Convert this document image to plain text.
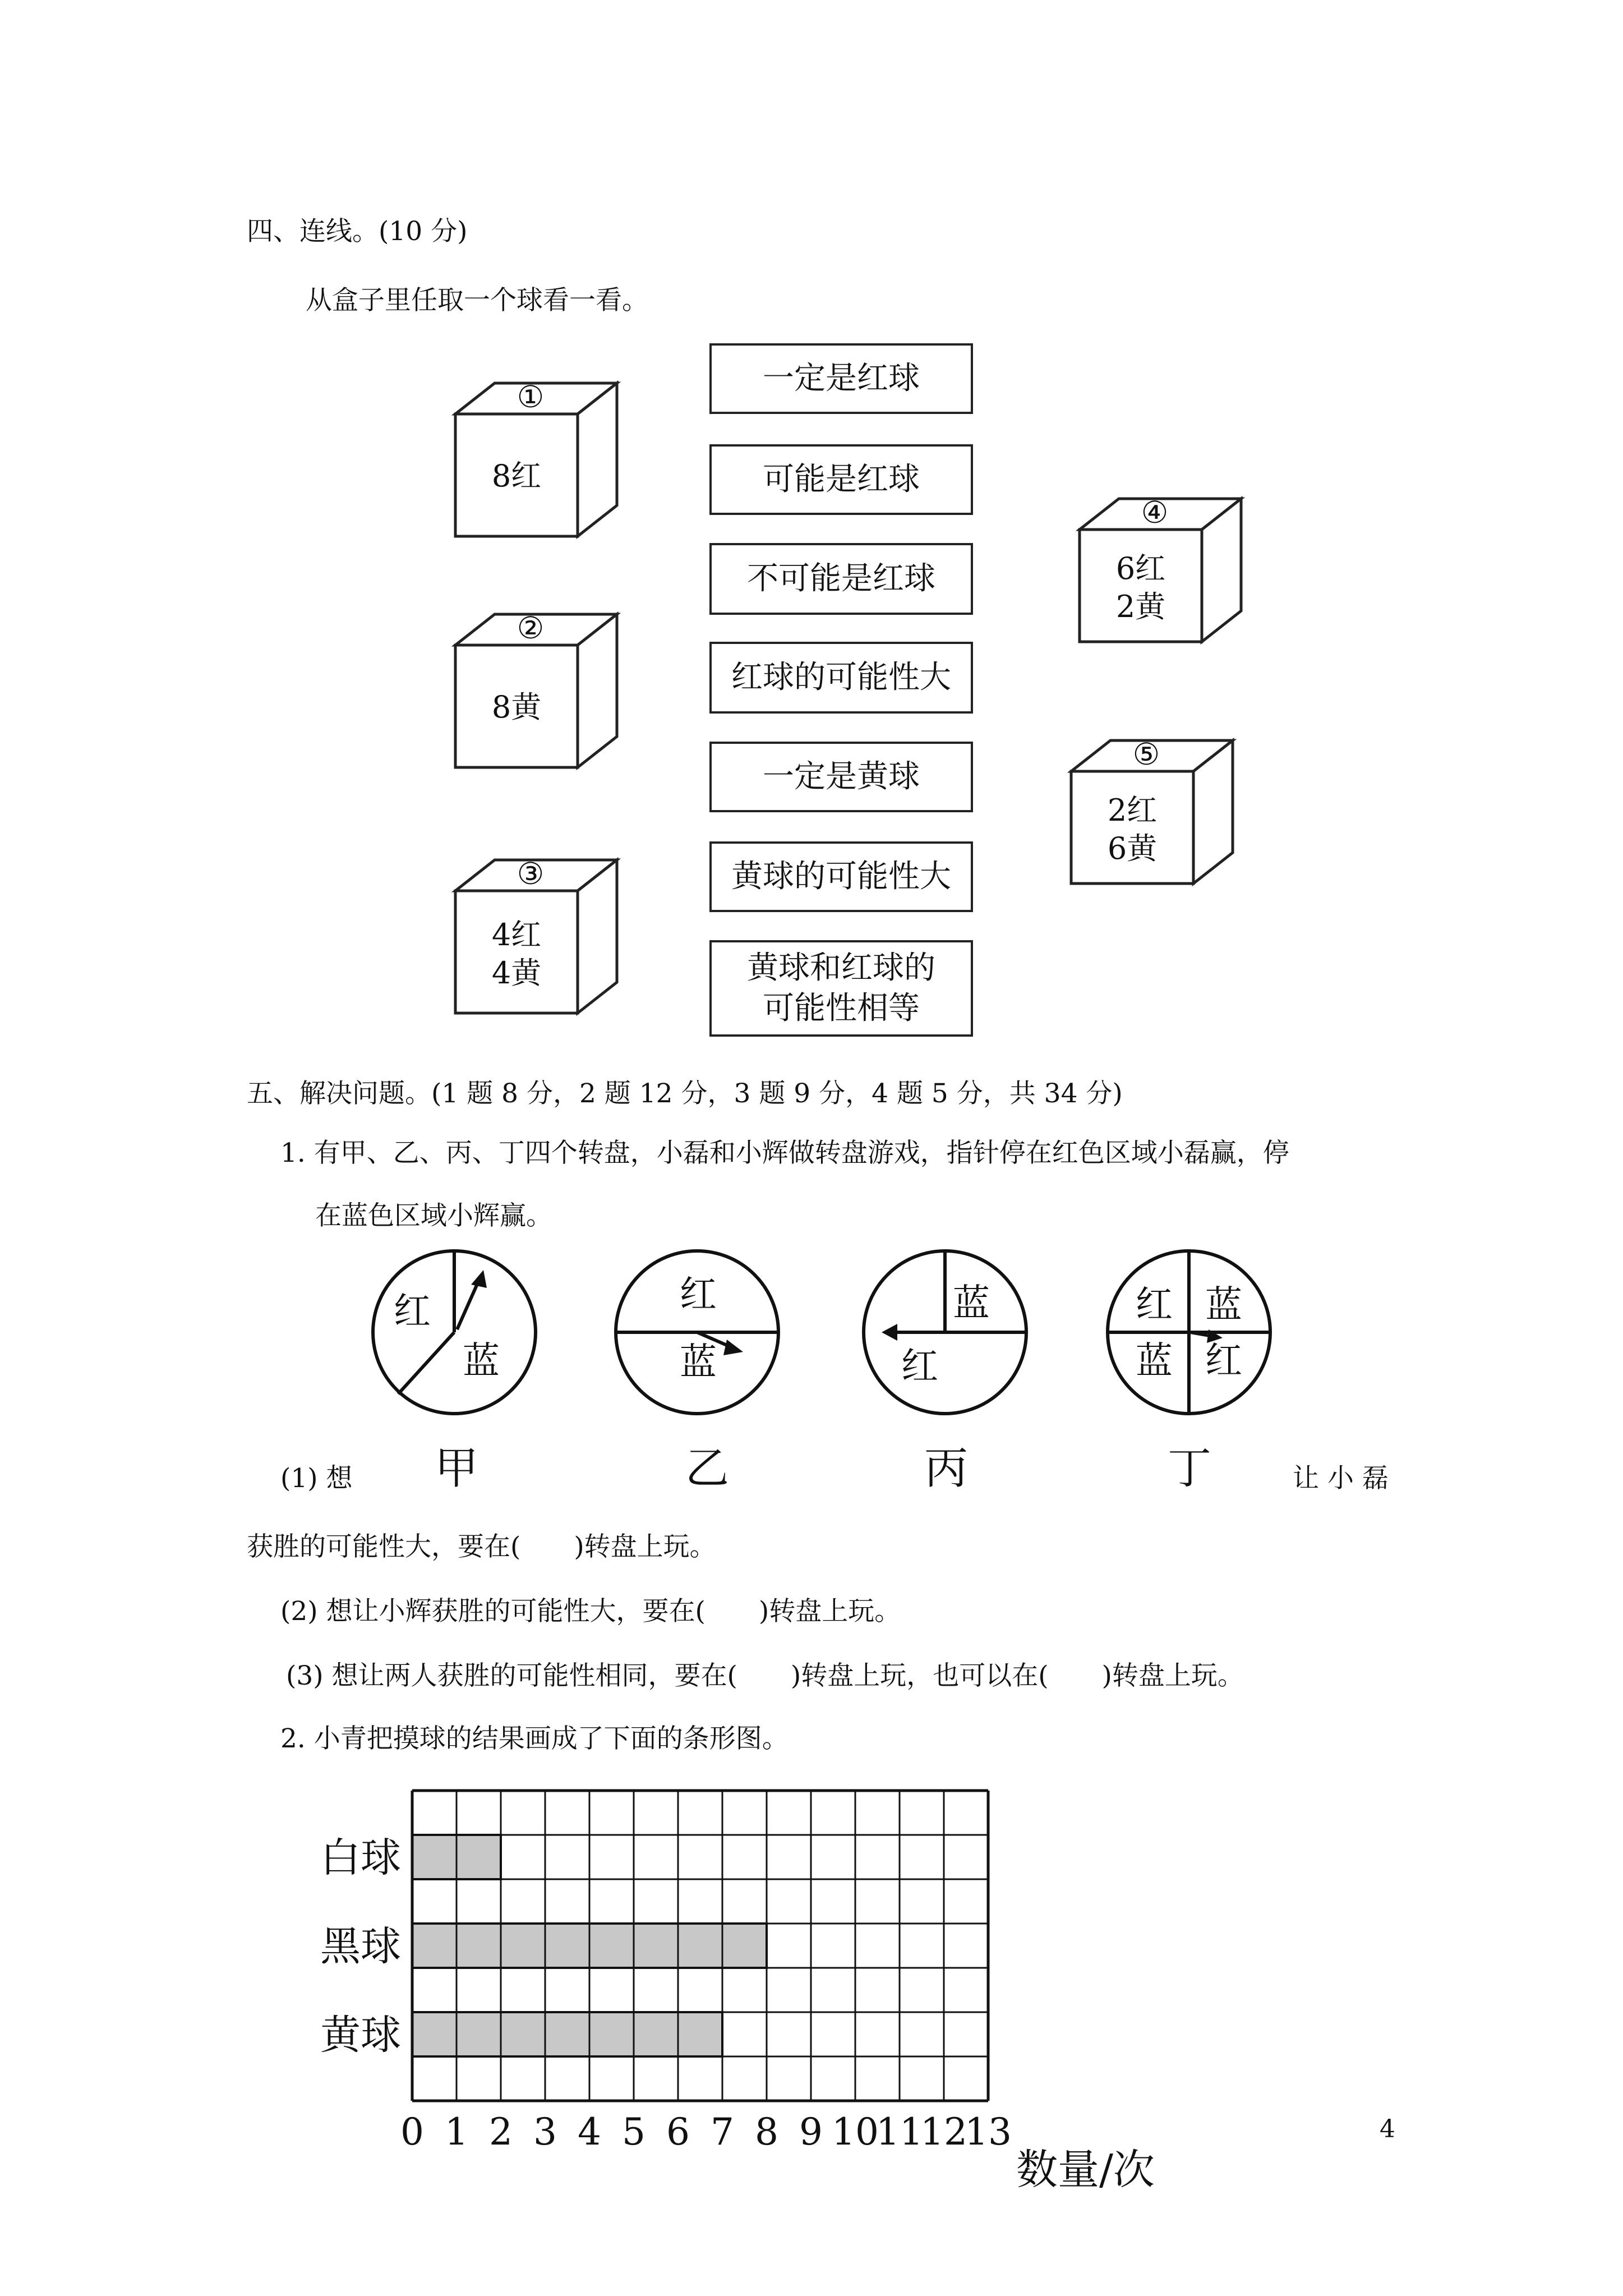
四、连线。(10 分)
从盒子里任取一个球看一看。
①
8红
②
8黄
③
4红
4黄
④
6红
2黄
⑤
2红
6黄
一定是红球
可能是红球
不可能是红球
红球的可能性大
一定是黄球
黄球的可能性大
黄球和红球的
可能性相等
五、解决问题。(1 题 8 分，2 题 12 分，3 题 9 分，4 题 5 分，共 34 分)
1. 有甲、乙、丙、丁四个转盘，小磊和小辉做转盘游戏，指针停在红色区域小磊赢，停
在蓝色区域小辉赢。
红
蓝
红
蓝
蓝
红
红 蓝
蓝 红
甲	乙	丙	丁
(1) 想	让 小 磊
获胜的可能性大，要在( )转盘上玩。
(2) 想让小辉获胜的可能性大，要在( )转盘上玩。
(3) 想让两人获胜的可能性相同，要在( )转盘上玩，也可以在( )转盘上玩。
2. 小青把摸球的结果画成了下面的条形图。
白球
黑球
黄球
0 1 2 3 4 5 6 7 8 9 10
11
12
13
数量/次
4
